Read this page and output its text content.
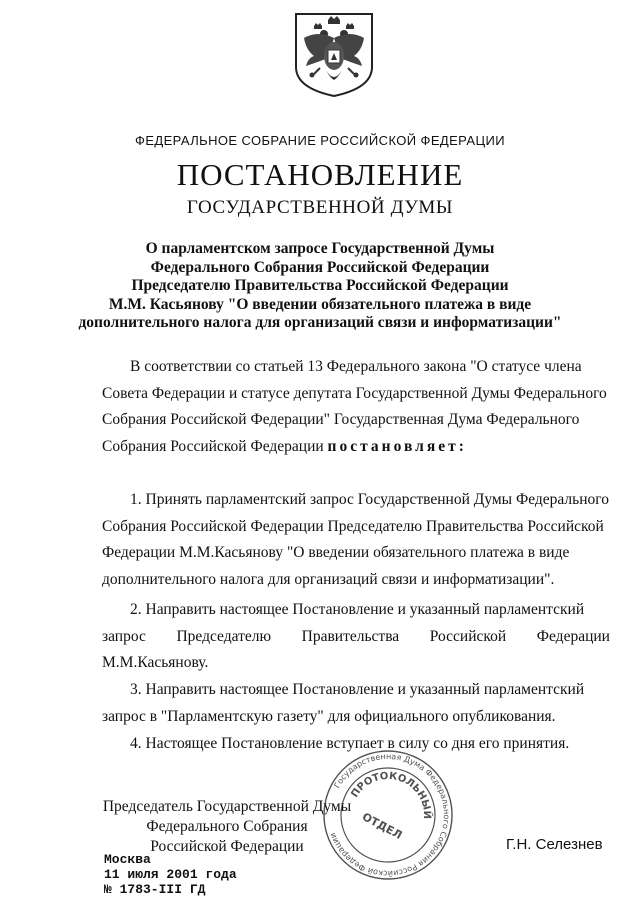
ФЕДЕРАЛЬНОЕ СОБРАНИЕ РОССИЙСКОЙ ФЕДЕРАЦИИ
ПОСТАНОВЛЕНИЕ
ГОСУДАРСТВЕННОЙ ДУМЫ
О парламентском запросе Государственной Думы
Федерального Собрания Российской Федерации
Председателю Правительства Российской Федерации
М.М. Касьянову "О введении обязательного платежа в виде
дополнительного налога для организаций связи и информатизации"
В соответствии со статьей 13 Федерального закона "О статусе члена
Совета Федерации и статусе депутата Государственной Думы Федерального
Собрания Российской Федерации" Государственная Дума Федерального
Собрания Российской Федерации постановляет:
1. Принять парламентский запрос Государственной Думы Федерального
Собрания Российской Федерации Председателю Правительства Российской
Федерации М.М.Касьянову "О введении обязательного платежа в виде
дополнительного налога для организаций связи и информатизации".
2. Направить настоящее Постановление и указанный парламентский
запрос Председателю Правительства Российской Федерации
М.М.Касьянову.
3. Направить настоящее Постановление и указанный парламентский
запрос в "Парламентскую газету" для официального опубликования.
4. Настоящее Постановление вступает в силу со дня его принятия.
Председатель Государственной Думы
Федерального Собрания
Российской Федерации
Государственная Дума Федерального Собрания Российской Федерации
ПРОТОКОЛЬНЫЙ
ОТДЕЛ
Г.Н. Селезнев
Москва
11 июля 2001 года
№ 1783-III ГД
